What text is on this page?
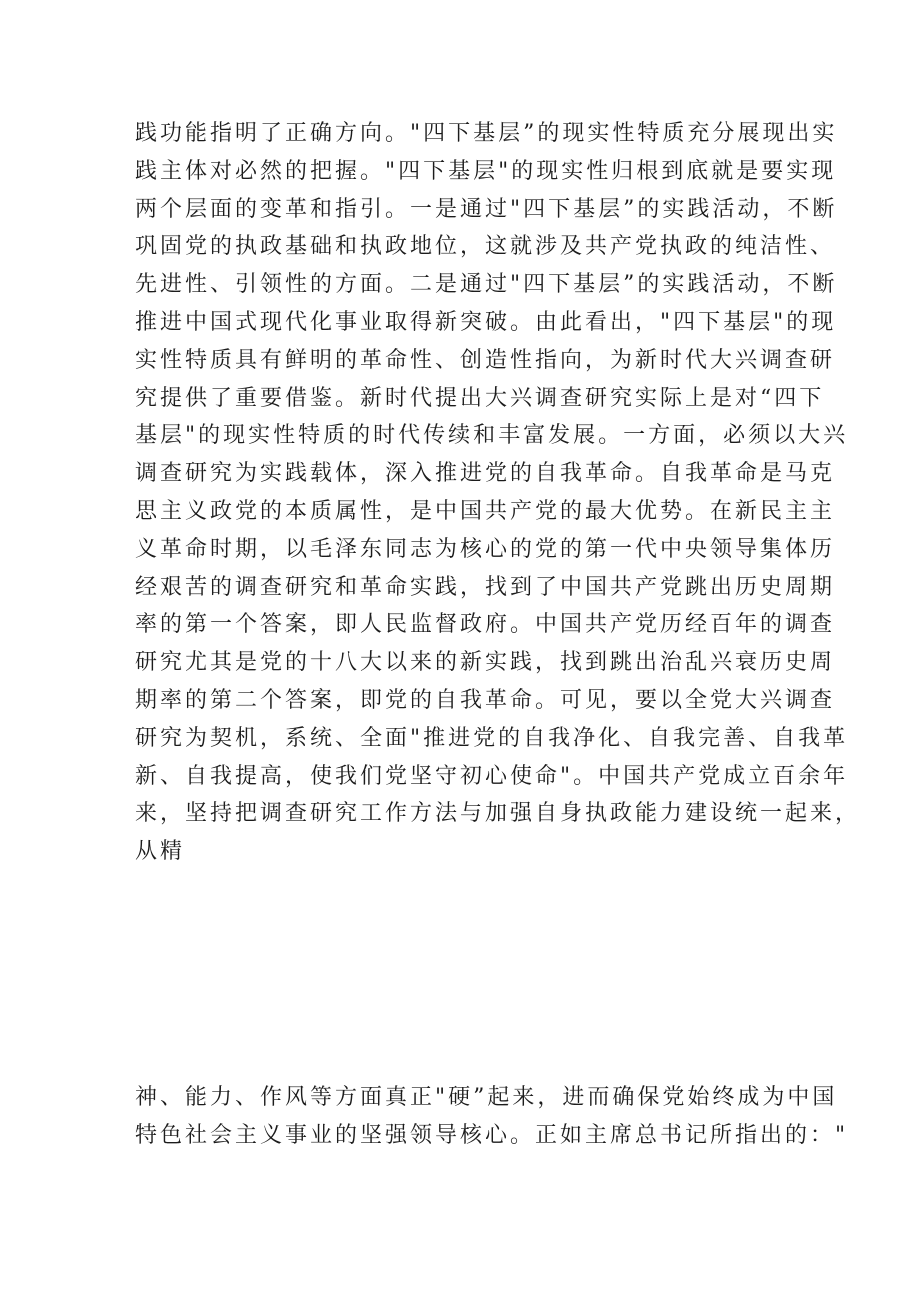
践功能指明了正确方向。"四下基层”的现实性特质充分展现出实
践主体对必然的把握。"四下基层"的现实性归根到底就是要实现
两个层面的变革和指引。一是通过"四下基层”的实践活动，不断
巩固党的执政基础和执政地位，这就涉及共产党执政的纯洁性、
先进性、引领性的方面。二是通过"四下基层”的实践活动，不断
推进中国式现代化事业取得新突破。由此看出，"四下基层"的现
实性特质具有鲜明的革命性、创造性指向，为新时代大兴调查研
究提供了重要借鉴。新时代提出大兴调查研究实际上是对“四下
基层"的现实性特质的时代传续和丰富发展。一方面，必须以大兴
调查研究为实践载体，深入推进党的自我革命。自我革命是马克
思主义政党的本质属性，是中国共产党的最大优势。在新民主主
义革命时期，以毛泽东同志为核心的党的第一代中央领导集体历
经艰苦的调查研究和革命实践，找到了中国共产党跳出历史周期
率的第一个答案，即人民监督政府。中国共产党历经百年的调查
研究尤其是党的十八大以来的新实践，找到跳出治乱兴衰历史周
期率的第二个答案，即党的自我革命。可见，要以全党大兴调查
研究为契机，系统、全面"推进党的自我净化、自我完善、自我革
新、自我提高，使我们党坚守初心使命"。中国共产党成立百余年
来，坚持把调查研究工作方法与加强自身执政能力建设统一起来，
从精
神、能力、作风等方面真正"硬”起来，进而确保党始终成为中国
特色社会主义事业的坚强领导核心。正如主席总书记所指出的："
